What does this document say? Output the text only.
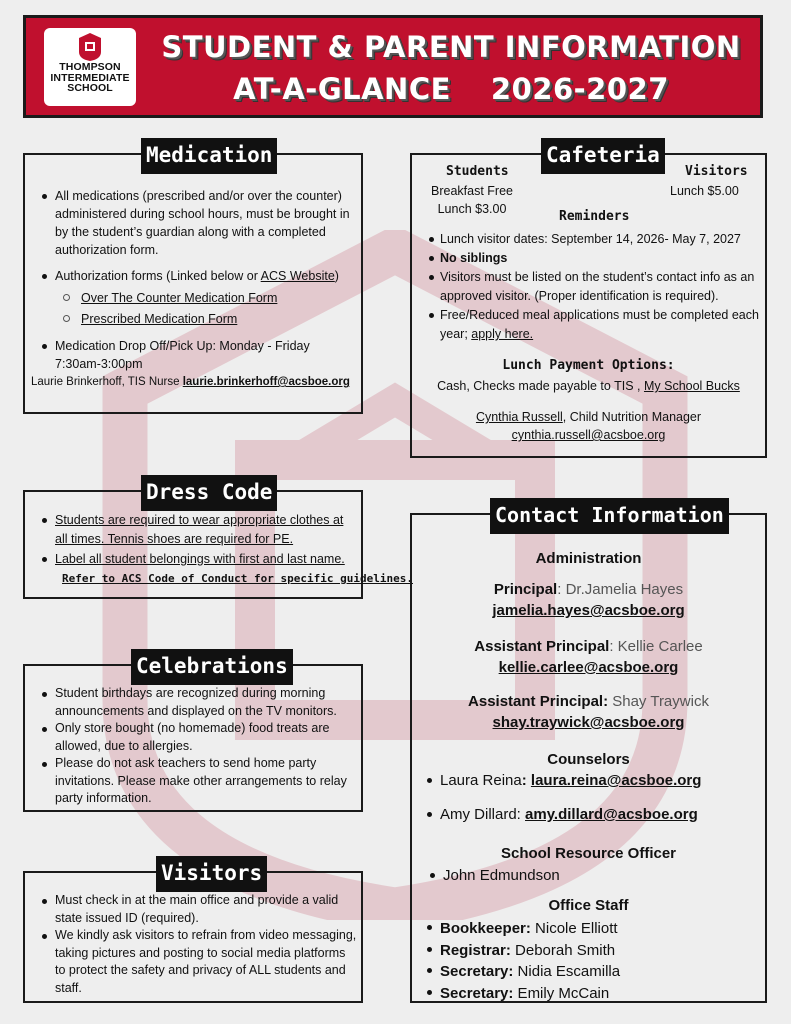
THOMPSON
INTERMEDIATE
SCHOOL
STUDENT & PARENT INFORMATION
AT-A-GLANCE 2026-2027
Medication
All medications (prescribed and/or over the counter) administered during school hours, must be brought in by the student’s guardian along with a completed authorization form.
Authorization forms (Linked below or ACS Website)
Over The Counter Medication Form
Prescribed Medication Form
Medication Drop Off/Pick Up: Monday - Friday 7:30am-3:00pm
Laurie Brinkerhoff, TIS Nurse laurie.brinkerhoff@acsboe.org
Dress Code
Students are required to wear appropriate clothes at all times. Tennis shoes are required for PE.
Label all student belongings with first and last name.
Refer to ACS Code of Conduct for specific guidelines.
Celebrations
Student birthdays are recognized during morning announcements and displayed on the TV monitors.
Only store bought (no homemade) food treats are allowed, due to allergies.
Please do not ask teachers to send home party invitations. Please make other arrangements to relay party information.
Visitors
Must check in at the main office and provide a valid state issued ID (required).
We kindly ask visitors to refrain from video messaging, taking pictures and posting to social media platforms to protect the safety and privacy of ALL students and staff.
Cafeteria
Students
Breakfast Free
Lunch $3.00
Visitors
Lunch $5.00
Reminders
Lunch visitor dates: September 14, 2026- May 7, 2027
No siblings
Visitors must be listed on the student’s contact info as an approved visitor. (Proper identification is required).
Free/Reduced meal applications must be completed each year; apply here.
Lunch Payment Options:
Cash, Checks made payable to TIS , My School Bucks
Cynthia Russell, Child Nutrition Manager
cynthia.russell@acsboe.org
Contact Information
Administration
Principal: Dr.Jamelia Hayes
jamelia.hayes@acsboe.org
Assistant Principal: Kellie Carlee
kellie.carlee@acsboe.org
Assistant Principal: Shay Traywick
shay.traywick@acsboe.org
Counselors
Laura Reina: laura.reina@acsboe.org
Amy Dillard: amy.dillard@acsboe.org
School Resource Officer
John Edmundson
Office Staff
Bookkeeper: Nicole Elliott
Registrar: Deborah Smith
Secretary: Nidia Escamilla
Secretary: Emily McCain
